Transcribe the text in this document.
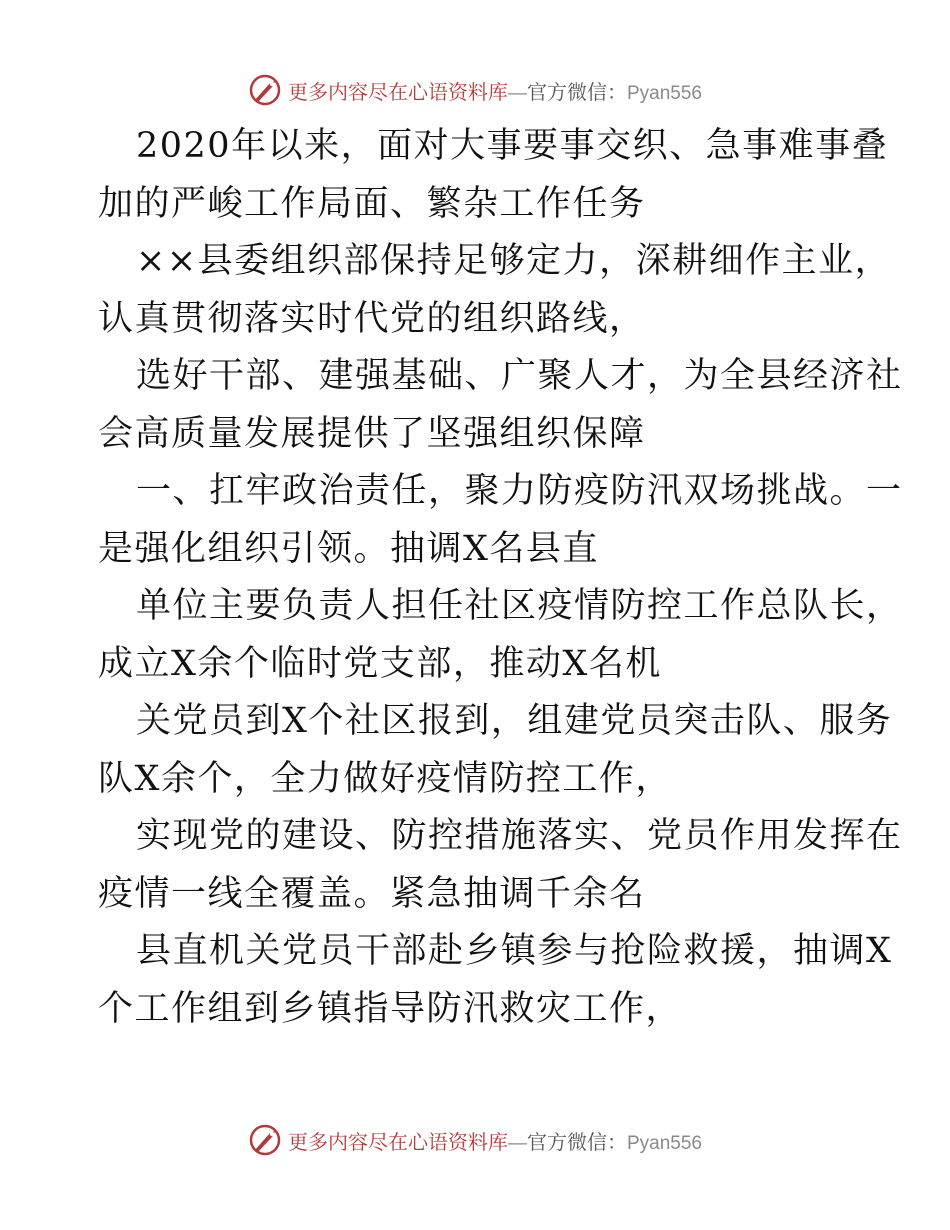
更多内容尽在心语资料库—官方微信：Pyan556
2020年以来，面对大事要事交织、急事难事叠
加的严峻工作局面、繁杂工作任务
××县委组织部保持足够定力，深耕细作主业，
认真贯彻落实时代党的组织路线，
选好干部、建强基础、广聚人才，为全县经济社
会高质量发展提供了坚强组织保障
一、扛牢政治责任，聚力防疫防汛双场挑战。一
是强化组织引领。抽调X名县直
单位主要负责人担任社区疫情防控工作总队长，
成立X余个临时党支部，推动X名机
关党员到X个社区报到，组建党员突击队、服务
队X余个，全力做好疫情防控工作，
实现党的建设、防控措施落实、党员作用发挥在
疫情一线全覆盖。紧急抽调千余名
县直机关党员干部赴乡镇参与抢险救援，抽调X
个工作组到乡镇指导防汛救灾工作，
更多内容尽在心语资料库—官方微信：Pyan556
